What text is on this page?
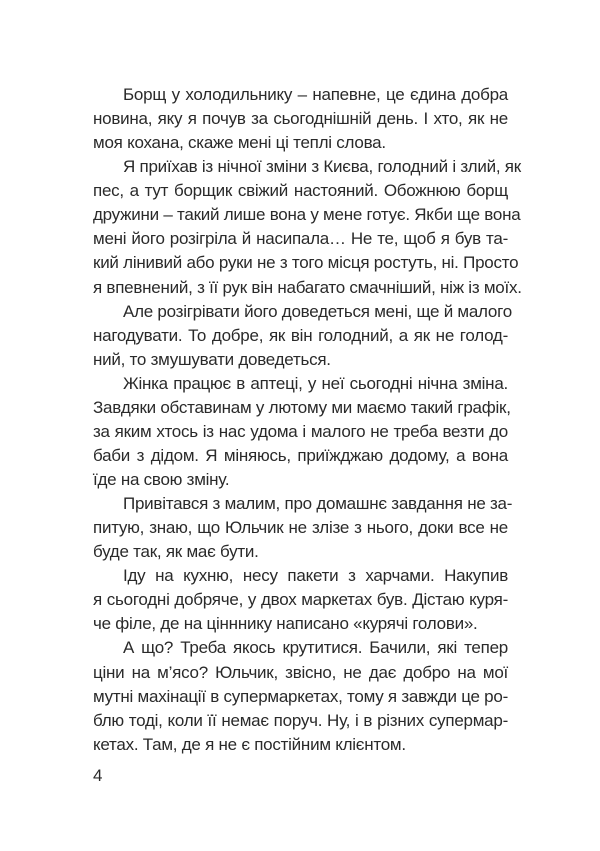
Борщ у холодильнику – напевне, це єдина добра
новина, яку я почув за сьогоднішній день. І хто, як не
моя кохана, скаже мені ці теплі слова.
Я приїхав із нічної зміни з Києва, голодний і злий, як
пес, а тут борщик свіжий настояний. Обожнюю борщ
дружини – такий лише вона у мене готує. Якби ще вона
мені його розігріла й насипала… Не те, щоб я був та-
кий лінивий або руки не з того місця ростуть, ні. Просто
я впевнений, з її рук він набагато смачніший, ніж із моїх.
Але розігрівати його доведеться мені, ще й малого
нагодувати. То добре, як він голодний, а як не голод-
ний, то змушувати доведеться.
Жінка працює в аптеці, у неї сьогодні нічна зміна.
Завдяки обставинам у лютому ми маємо такий графік,
за яким хтось із нас удома і малого не треба везти до
баби з дідом. Я міняюсь, приїжджаю додому, а вона
їде на свою зміну.
Привітався з малим, про домашнє завдання не за-
питую, знаю, що Юльчик не злізе з нього, доки все не
буде так, як має бути.
Іду на кухню, несу пакети з харчами. Накупив
я сьогодні добряче, у двох маркетах був. Дістаю куря-
че філе, де на цінннику написано «курячі голови».
А що? Треба якось крутитися. Бачили, які тепер
ціни на м’ясо? Юльчик, звісно, не дає добро на мої
мутні махінації в супермаркетах, тому я завжди це ро-
блю тоді, коли її немає поруч. Ну, і в різних супермар-
кетах. Там, де я не є постійним клієнтом.
4
